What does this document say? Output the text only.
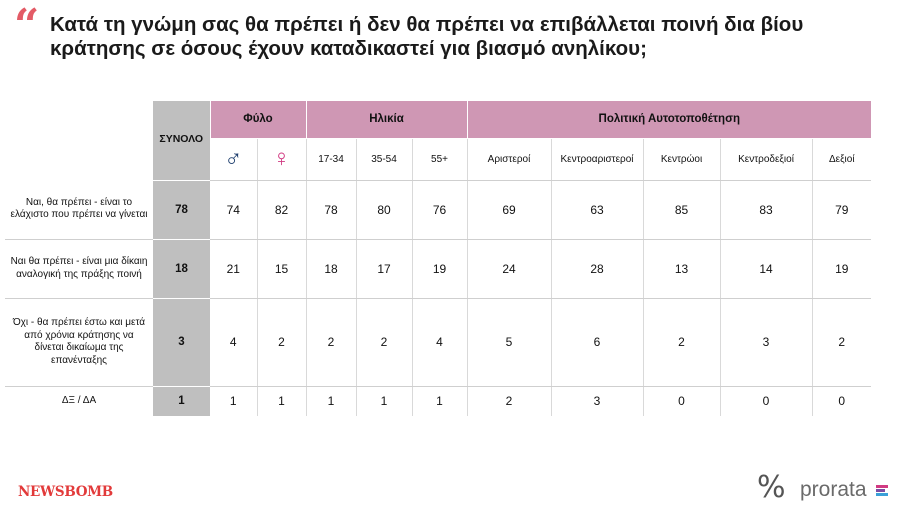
“ Κατά τη γνώμη σας θα πρέπει ή δεν θα πρέπει να επιβάλλεται ποινή δια βίου κράτησης σε όσους έχουν καταδικαστεί για βιασμό ανηλίκου;
	ΣΥΝΟΛΟ	Φύλο		Ηλικία			Πολιτική Αυτοτοποθέτηση				
		♂	♀	17-34	35-54	55+	Αριστεροί	Κεντροαριστεροί	Κεντρώοι	Κεντροδεξιοί	Δεξιοί
Ναι, θα πρέπει - είναι το ελάχιστο που πρέπει να γίνεται	78	74	82	78	80	76	69	63	85	83	79
Ναι θα πρέπει - είναι μια δίκαιη αναλογική της πράξης ποινή	18	21	15	18	17	19	24	28	13	14	19
Όχι - θα πρέπει έστω και μετά από χρόνια κράτησης να δίνεται δικαίωμα της επανένταξης	3	4	2	2	2	4	5	6	2	3	2
ΔΞ / ΔΑ	1	1	1	1	1	1	2	3	0	0	0
NEWSBOMB	% prorata
